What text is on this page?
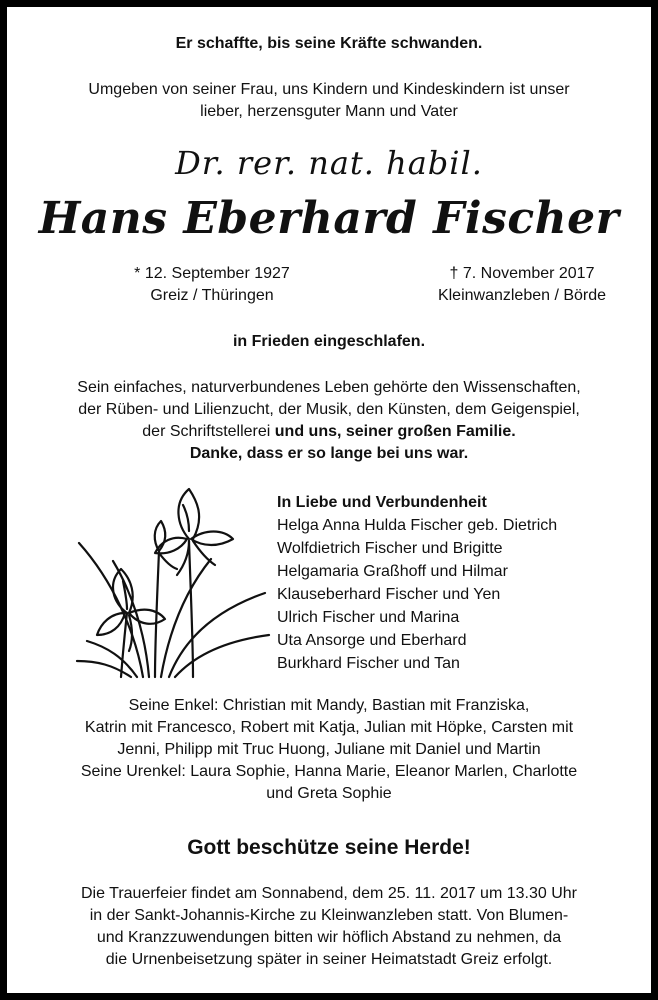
Er schaffte, bis seine Kräfte schwanden.
Umgeben von seiner Frau, uns Kindern und Kindeskindern ist unser
lieber, herzensguter Mann und Vater
Dr. rer. nat. habil.
Hans Eberhard Fischer
* 12. September 1927
Greiz / Thüringen
† 7. November 2017
Kleinwanzleben / Börde
in Frieden eingeschlafen.
Sein einfaches, naturverbundenes Leben gehörte den Wissenschaften,
der Rüben- und Lilienzucht, der Musik, den Künsten, dem Geigenspiel,
der Schriftstellerei und uns, seiner großen Familie.
Danke, dass er so lange bei uns war.
In Liebe und Verbundenheit
Helga Anna Hulda Fischer geb. Dietrich
Wolfdietrich Fischer und Brigitte
Helgamaria Graßhoff und Hilmar
Klauseberhard Fischer und Yen
Ulrich Fischer und Marina
Uta Ansorge und Eberhard
Burkhard Fischer und Tan
Seine Enkel: Christian mit Mandy, Bastian mit Franziska,
Katrin mit Francesco, Robert mit Katja, Julian mit Höpke, Carsten mit
Jenni, Philipp mit Truc Huong, Juliane mit Daniel und Martin
Seine Urenkel: Laura Sophie, Hanna Marie, Eleanor Marlen, Charlotte
und Greta Sophie
Gott beschütze seine Herde!
Die Trauerfeier findet am Sonnabend, dem 25. 11. 2017 um 13.30 Uhr
in der Sankt-Johannis-Kirche zu Kleinwanzleben statt. Von Blumen-
und Kranzzuwendungen bitten wir höflich Abstand zu nehmen, da
die Urnenbeisetzung später in seiner Heimatstadt Greiz erfolgt.
